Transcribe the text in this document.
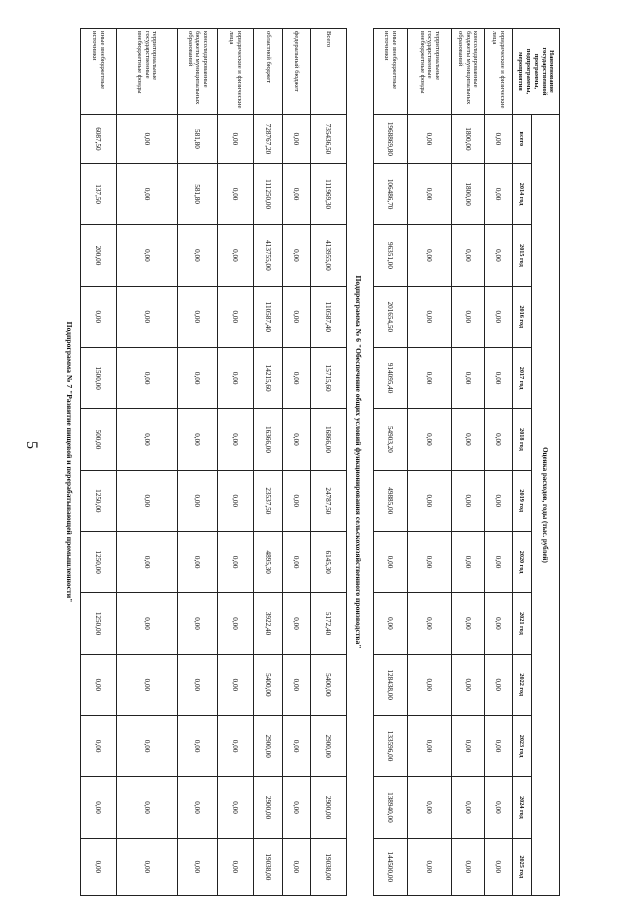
5
Наименование государственной программы, подпрограммы, мероприятия	Оценка расходов, годы (тыс. рублей)												
	всего	2014 год	2015 год	2016 год	2017 год	2018 год	2019 год	2020 год	2021 год	2022 год	2023 год	2024 год	2025 год
юридические и физические лица	0,00	0,00	0,00	0,00	0,00	0,00	0,00	0,00	0,00	0,00	0,00	0,00	0,00
консолидированные бюджеты муниципальных образований	1800,00	1800,00	0,00	0,00	0,00	0,00	0,00	0,00	0,00	0,00	0,00	0,00	0,00
территориальные государственные внебюджетные фонды	0,00	0,00	0,00	0,00	0,00	0,00	0,00	0,00	0,00	0,00	0,00	0,00	0,00
иные внебюджетные источники	1968869,80	106486,70	96351,00	201654,50	914095,40	54903,20	49885,00	0,00	0,00	128438,00	133596,00	138940,00	144500,00
Подпрограмма № 6 "Обеспечение общих условий функционирования сельскохозяйственного производства"
Всего	735436,50	111969,30	413955,00	110587,40	15715,60	16866,00	24787,50	6145,30	5172,40	5400,00	2900,00	2900,00	19038,00
федеральный бюджет	0,00	0,00	0,00	0,00	0,00	0,00	0,00	0,00	0,00	0,00	0,00	0,00	0,00
областной бюджет	728767,20	111250,00	413755,00	110587,40	14215,60	16366,00	23537,50	4895,30	3922,40	5400,00	2900,00	2900,00	19038,00
юридические и физические лица	0,00	0,00	0,00	0,00	0,00	0,00	0,00	0,00	0,00	0,00	0,00	0,00	0,00
консолидированные бюджеты муниципальных образований	581,80	581,80	0,00	0,00	0,00	0,00	0,00	0,00	0,00	0,00	0,00	0,00	0,00
территориальные государственные внебюджетные фонды	0,00	0,00	0,00	0,00	0,00	0,00	0,00	0,00	0,00	0,00	0,00	0,00	0,00
иные внебюджетные источники	6087,50	137,50	200,00	0,00	1500,00	500,00	1250,00	1250,00	1250,00	0,00	0,00	0,00	0,00
Подпрограмма № 7 "Развитие пищевой и перерабатывающей промышленности"
